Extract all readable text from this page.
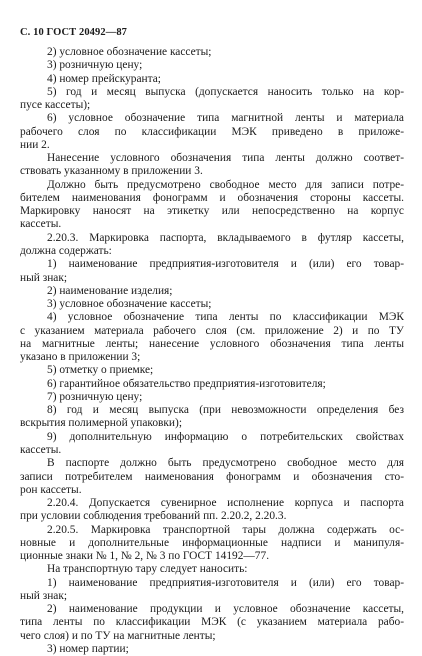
С. 10 ГОСТ 20492—87
2) условное обозначение кассеты;
3) розничную цену;
4) номер прейскуранта;
5) год и месяц выпуска (допускается наносить только на кор-
пусе кассеты);
6) условное обозначение типа магнитной ленты и материала
рабочего слоя по классификации МЭК приведено в приложе-
нии 2.
Нанесение условного обозначения типа ленты должно соответ-
ствовать указанному в приложении 3.
Должно быть предусмотрено свободное место для записи потре-
бителем наименования фонограмм и обозначения стороны кассеты.
Маркировку наносят на этикетку или непосредственно на корпус
кассеты.
2.20.3. Маркировка паспорта, вкладываемого в футляр кассеты,
должна содержать:
1) наименование предприятия-изготовителя и (или) его товар-
ный знак;
2) наименование изделия;
3) условное обозначение кассеты;
4) условное обозначение типа ленты по классификации МЭК
с указанием материала рабочего слоя (см. приложение 2) и по ТУ
на магнитные ленты; нанесение условного обозначения типа ленты
указано в приложении 3;
5) отметку о приемке;
6) гарантийное обязательство предприятия-изготовителя;
7) розничную цену;
8) год и месяц выпуска (при невозможности определения без
вскрытия полимерной упаковки);
9) дополнительную информацию о потребительских свойствах
кассеты.
В паспорте должно быть предусмотрено свободное место для
записи потребителем наименования фонограмм и обозначения сто-
рон кассеты.
2.20.4. Допускается сувенирное исполнение корпуса и паспорта
при условии соблюдения требований пп. 2.20.2, 2.20.3.
2.20.5. Маркировка транспортной тары должна содержать ос-
новные и дополнительные информационные надписи и манипуля-
ционные знаки № 1, № 2, № 3 по ГОСТ 14192—77.
На транспортную тару следует наносить:
1) наименование предприятия-изготовителя и (или) его товар-
ный знак;
2) наименование продукции и условное обозначение кассеты,
типа ленты по классификации МЭК (с указанием материала рабо-
чего слоя) и по ТУ на магнитные ленты;
3) номер партии;
